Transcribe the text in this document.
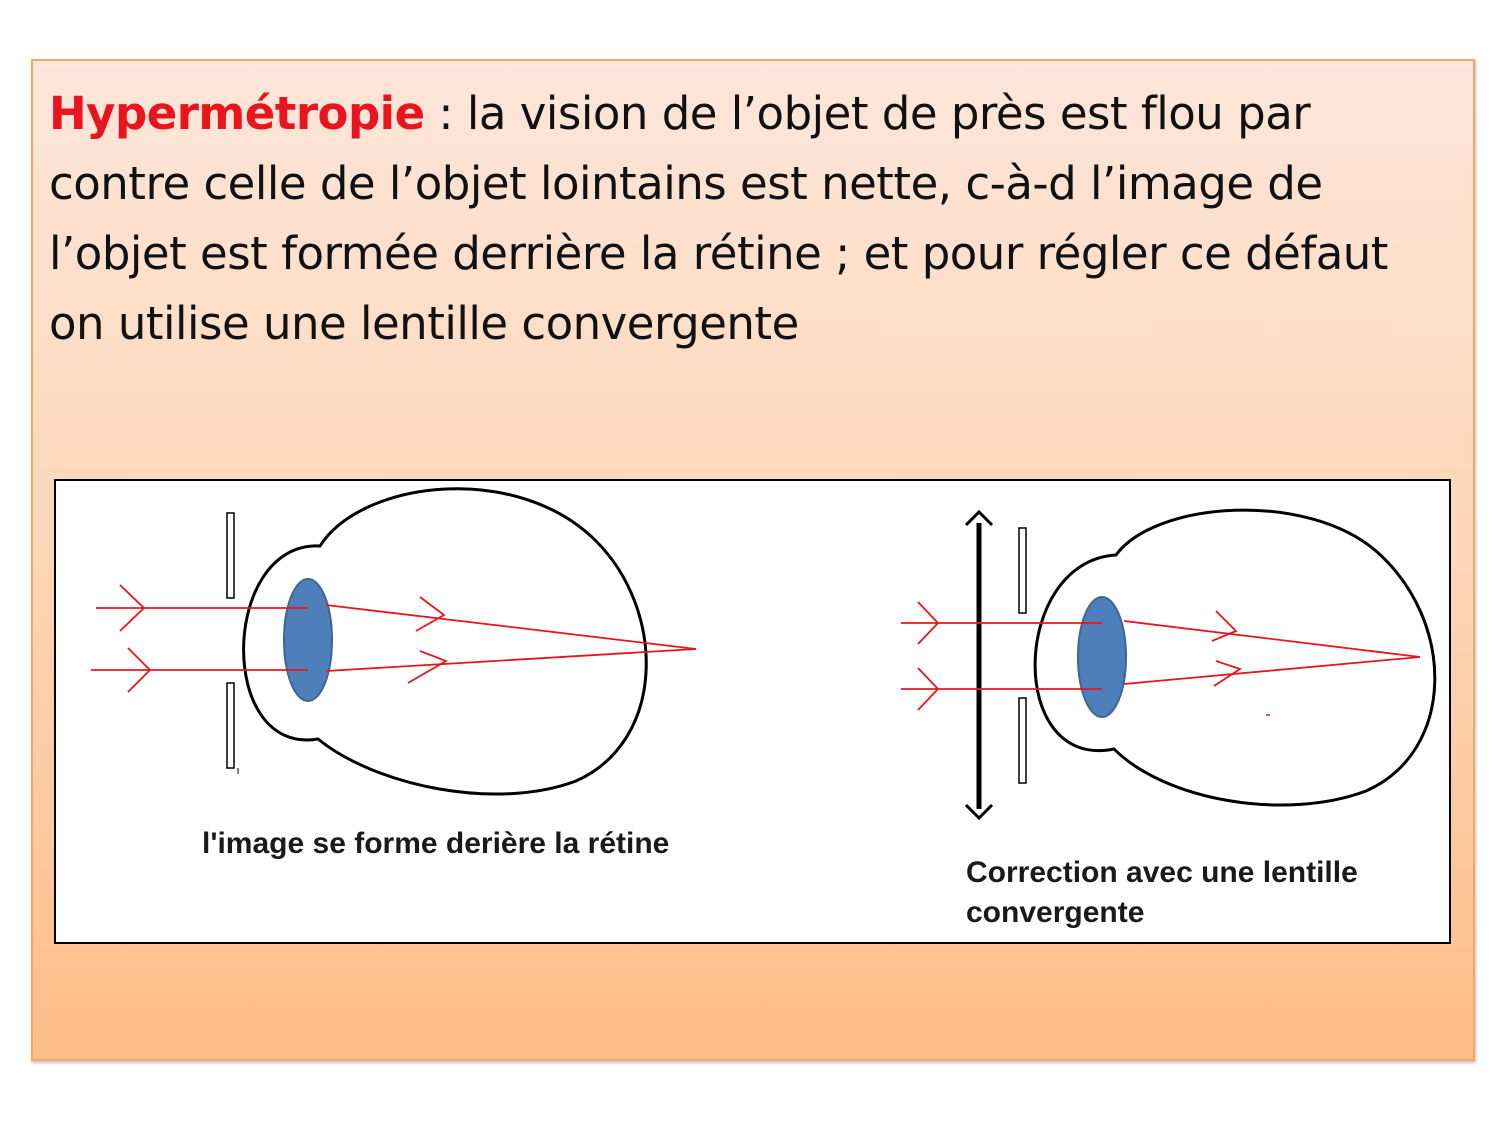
Hypermétropie : la vision de l’objet de près est flou par contre celle de l’objet lointains est nette, c-à-d l’image de l’objet est formée derrière la rétine ; et pour régler ce défaut on utilise une lentille convergente
l'image se forme derière la rétine
Correction avec une lentille convergente
